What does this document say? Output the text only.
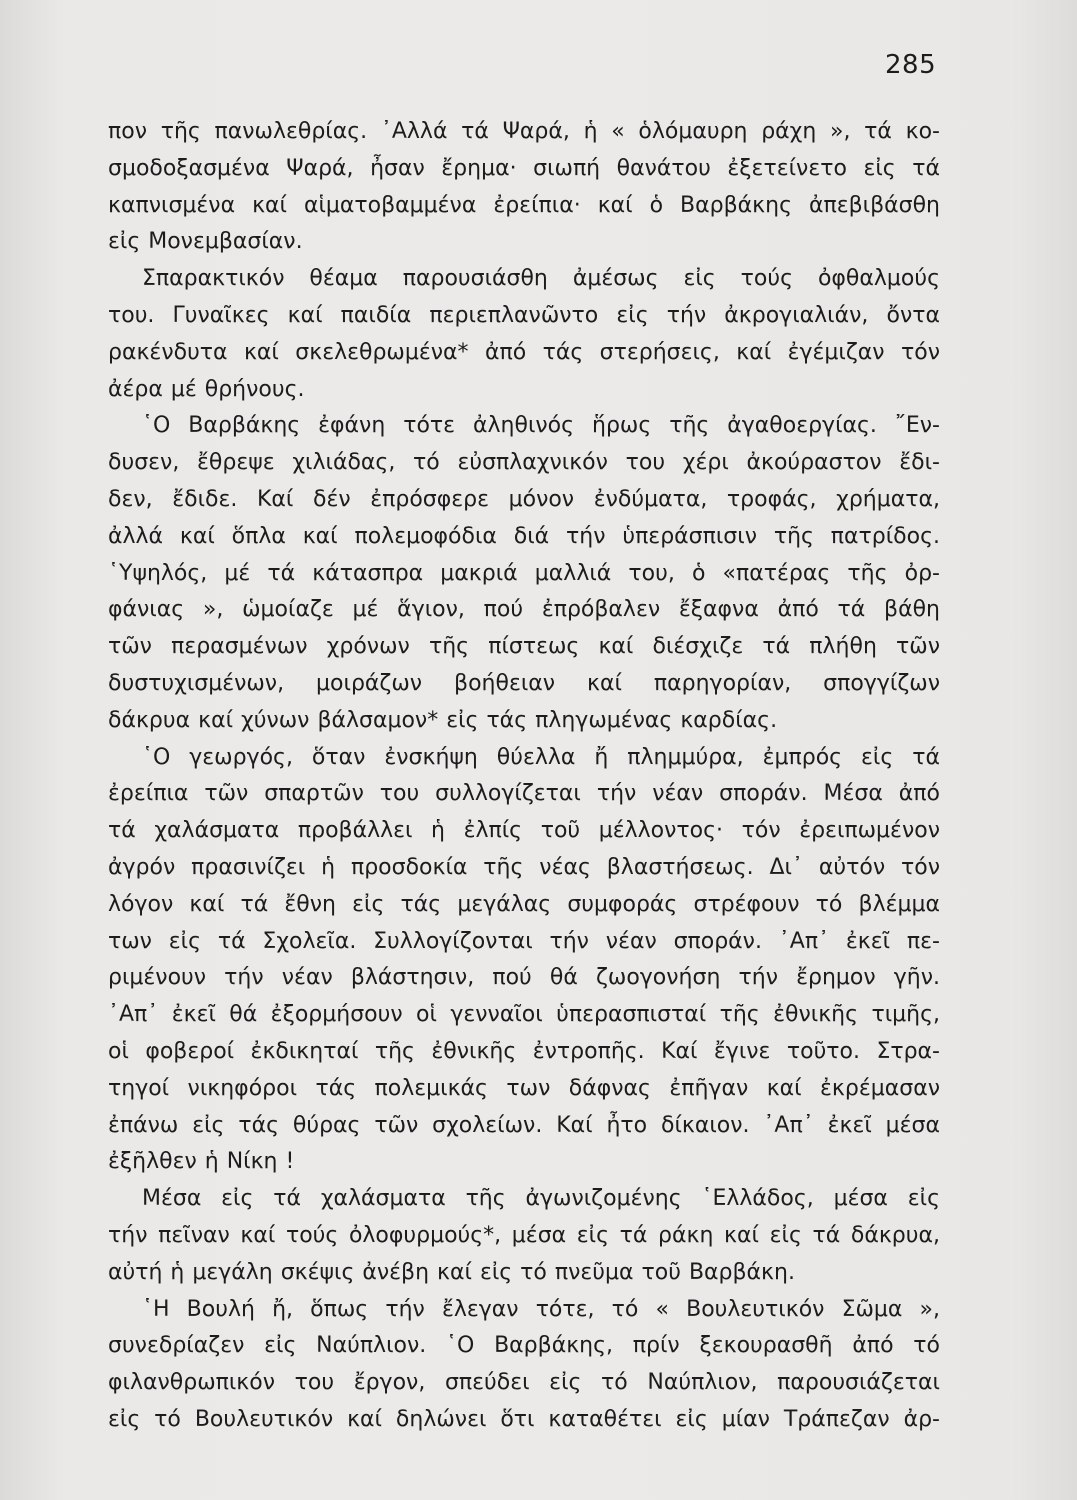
285
πον τῆς πανωλεθρίας. ᾽Αλλά τά Ψαρά, ἡ « ὁλόμαυρη ράχη », τά κο-
σμοδοξασμένα Ψαρά, ἦσαν ἔρημα· σιωπή θανάτου ἐξετείνετο εἰς τά
καπνισμένα καί αἱματοβαμμένα ἐρείπια· καί ὁ Βαρβάκης ἀπεβιβάσθη
εἰς Μονεμβασίαν.
Σπαρακτικόν θέαμα παρουσιάσθη ἀμέσως εἰς τούς ὀφθαλμούς
του. Γυναῖκες καί παιδία περιεπλανῶντο εἰς τήν ἀκρογιαλιάν, ὄντα
ρακένδυτα καί σκελεθρωμένα* ἀπό τάς στερήσεις, καί ἐγέμιζαν τόν
ἀέρα μέ θρήνους.
῾Ο Βαρβάκης ἐφάνη τότε ἀληθινός ἥρως τῆς ἀγαθοεργίας. ῎Εν-
δυσεν, ἔθρεψε χιλιάδας, τό εὐσπλαχνικόν του χέρι ἀκούραστον ἔδι-
δεν, ἔδιδε. Καί δέν ἐπρόσφερε μόνον ἐνδύματα, τροφάς, χρήματα,
ἀλλά καί ὅπλα καί πολεμοφόδια διά τήν ὑπεράσπισιν τῆς πατρίδος.
῾Υψηλός, μέ τά κάτασπρα μακριά μαλλιά του, ὁ «πατέρας τῆς ὀρ-
φάνιας », ὡμοίαζε μέ ἅγιον, πού ἐπρόβαλεν ἔξαφνα ἀπό τά βάθη
τῶν περασμένων χρόνων τῆς πίστεως καί διέσχιζε τά πλήθη τῶν
δυστυχισμένων, μοιράζων βοήθειαν καί παρηγορίαν, σπογγίζων
δάκρυα καί χύνων βάλσαμον* εἰς τάς πληγωμένας καρδίας.
῾Ο γεωργός, ὅταν ἐνσκήψη θύελλα ἤ πλημμύρα, ἐμπρός εἰς τά
ἐρείπια τῶν σπαρτῶν του συλλογίζεται τήν νέαν σποράν. Μέσα ἀπό
τά χαλάσματα προβάλλει ἡ ἐλπίς τοῦ μέλλοντος· τόν ἐρειπωμένον
ἀγρόν πρασινίζει ἡ προσδοκία τῆς νέας βλαστήσεως. Δι᾽ αὐτόν τόν
λόγον καί τά ἔθνη εἰς τάς μεγάλας συμφοράς στρέφουν τό βλέμμα
των εἰς τά Σχολεῖα. Συλλογίζονται τήν νέαν σποράν. ᾽Απ᾽ ἐκεῖ πε-
ριμένουν τήν νέαν βλάστησιν, πού θά ζωογονήση τήν ἔρημον γῆν.
᾽Απ᾽ ἐκεῖ θά ἐξορμήσουν οἱ γενναῖοι ὑπερασπισταί τῆς ἐθνικῆς τιμῆς,
οἱ φοβεροί ἐκδικηταί τῆς ἐθνικῆς ἐντροπῆς. Καί ἔγινε τοῦτο. Στρα-
τηγοί νικηφόροι τάς πολεμικάς των δάφνας ἐπῆγαν καί ἐκρέμασαν
ἐπάνω εἰς τάς θύρας τῶν σχολείων. Καί ἦτο δίκαιον. ᾽Απ᾽ ἐκεῖ μέσα
ἐξῆλθεν ἡ Νίκη !
Μέσα εἰς τά χαλάσματα τῆς ἀγωνιζομένης ῾Ελλάδος, μέσα εἰς
τήν πεῖναν καί τούς ὀλοφυρμούς*, μέσα εἰς τά ράκη καί εἰς τά δάκρυα,
αὐτή ἡ μεγάλη σκέψις ἀνέβη καί εἰς τό πνεῦμα τοῦ Βαρβάκη.
῾Η Βουλή ἤ, ὅπως τήν ἔλεγαν τότε, τό « Βουλευτικόν Σῶμα »,
συνεδρίαζεν εἰς Ναύπλιον. ῾Ο Βαρβάκης, πρίν ξεκουρασθῆ ἀπό τό
φιλανθρωπικόν του ἔργον, σπεύδει εἰς τό Ναύπλιον, παρουσιάζεται
εἰς τό Βουλευτικόν καί δηλώνει ὅτι καταθέτει εἰς μίαν Τράπεζαν ἀρ-
